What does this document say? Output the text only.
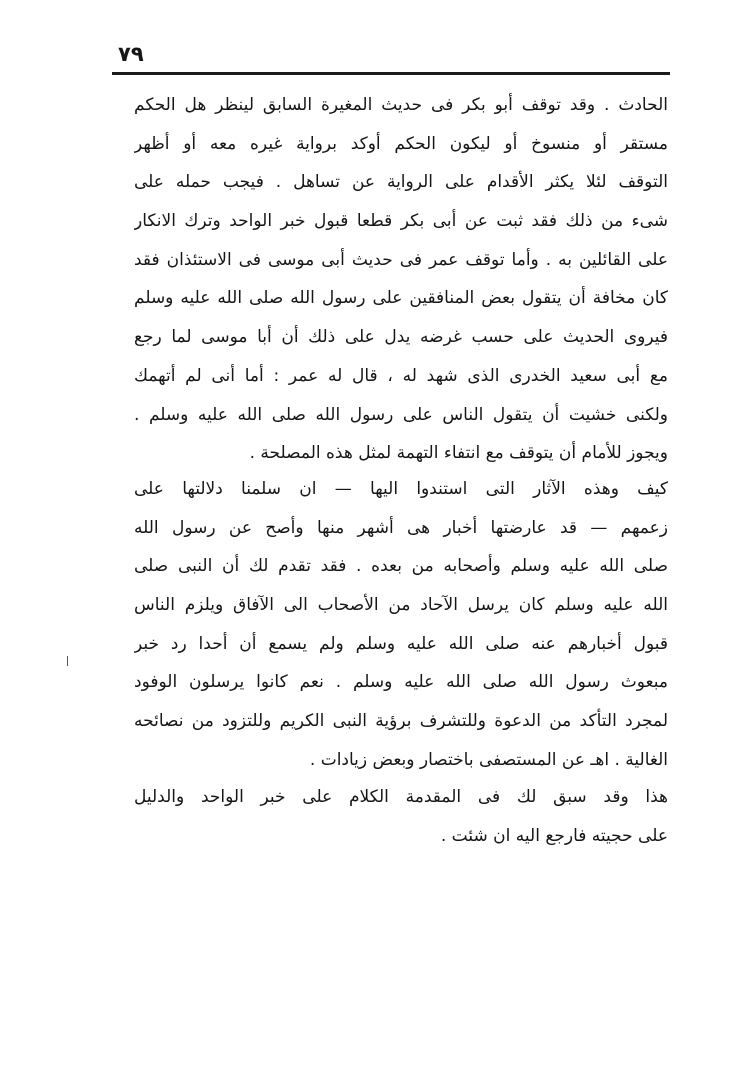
٧٩
الحادث . وقد توقف أبو بكر فى حديث المغيرة السابق لينظر هل الحكم
مستقر أو منسوخ أو ليكون الحكم أوكد برواية غيره معه أو أظهر
التوقف لئلا يكثر الأقدام على الرواية عن تساهل . فيجب حمله على
شىء من ذلك فقد ثبت عن أبى بكر قطعا قبول خبر الواحد وترك الانكار
على القائلين به . وأما توقف عمر فى حديث أبى موسى فى الاستئذان فقد
كان مخافة أن يتقول بعض المنافقين على رسول الله صلى الله عليه وسلم
فيروى الحديث على حسب غرضه يدل على ذلك أن أبا موسى لما رجع
مع أبى سعيد الخدرى الذى شهد له ، قال له عمر : أما أنى لم أتهمك
ولكنى خشيت أن يتقول الناس على رسول الله صلى الله عليه وسلم .
ويجوز للأمام أن يتوقف مع انتفاء التهمة لمثل هذه المصلحة .
كيف وهذه الآثار التى استندوا اليها — ان سلمنا دلالتها على
زعمهم — قد عارضتها أخبار هى أشهر منها وأصح عن رسول الله
صلى الله عليه وسلم وأصحابه من بعده . فقد تقدم لك أن النبى صلى
الله عليه وسلم كان يرسل الآحاد من الأصحاب الى الآفاق ويلزم الناس
قبول أخبارهم عنه صلى الله عليه وسلم ولم يسمع أن أحدا رد خبر
مبعوث رسول الله صلى الله عليه وسلم . نعم كانوا يرسلون الوفود
لمجرد التأكد من الدعوة وللتشرف برؤية النبى الكريم وللتزود من نصائحه
الغالية . اهـ عن المستصفى باختصار وبعض زيادات .
هذا وقد سبق لك فى المقدمة الكلام على خبر الواحد والدليل
على حجيته فارجع اليه ان شئت .
